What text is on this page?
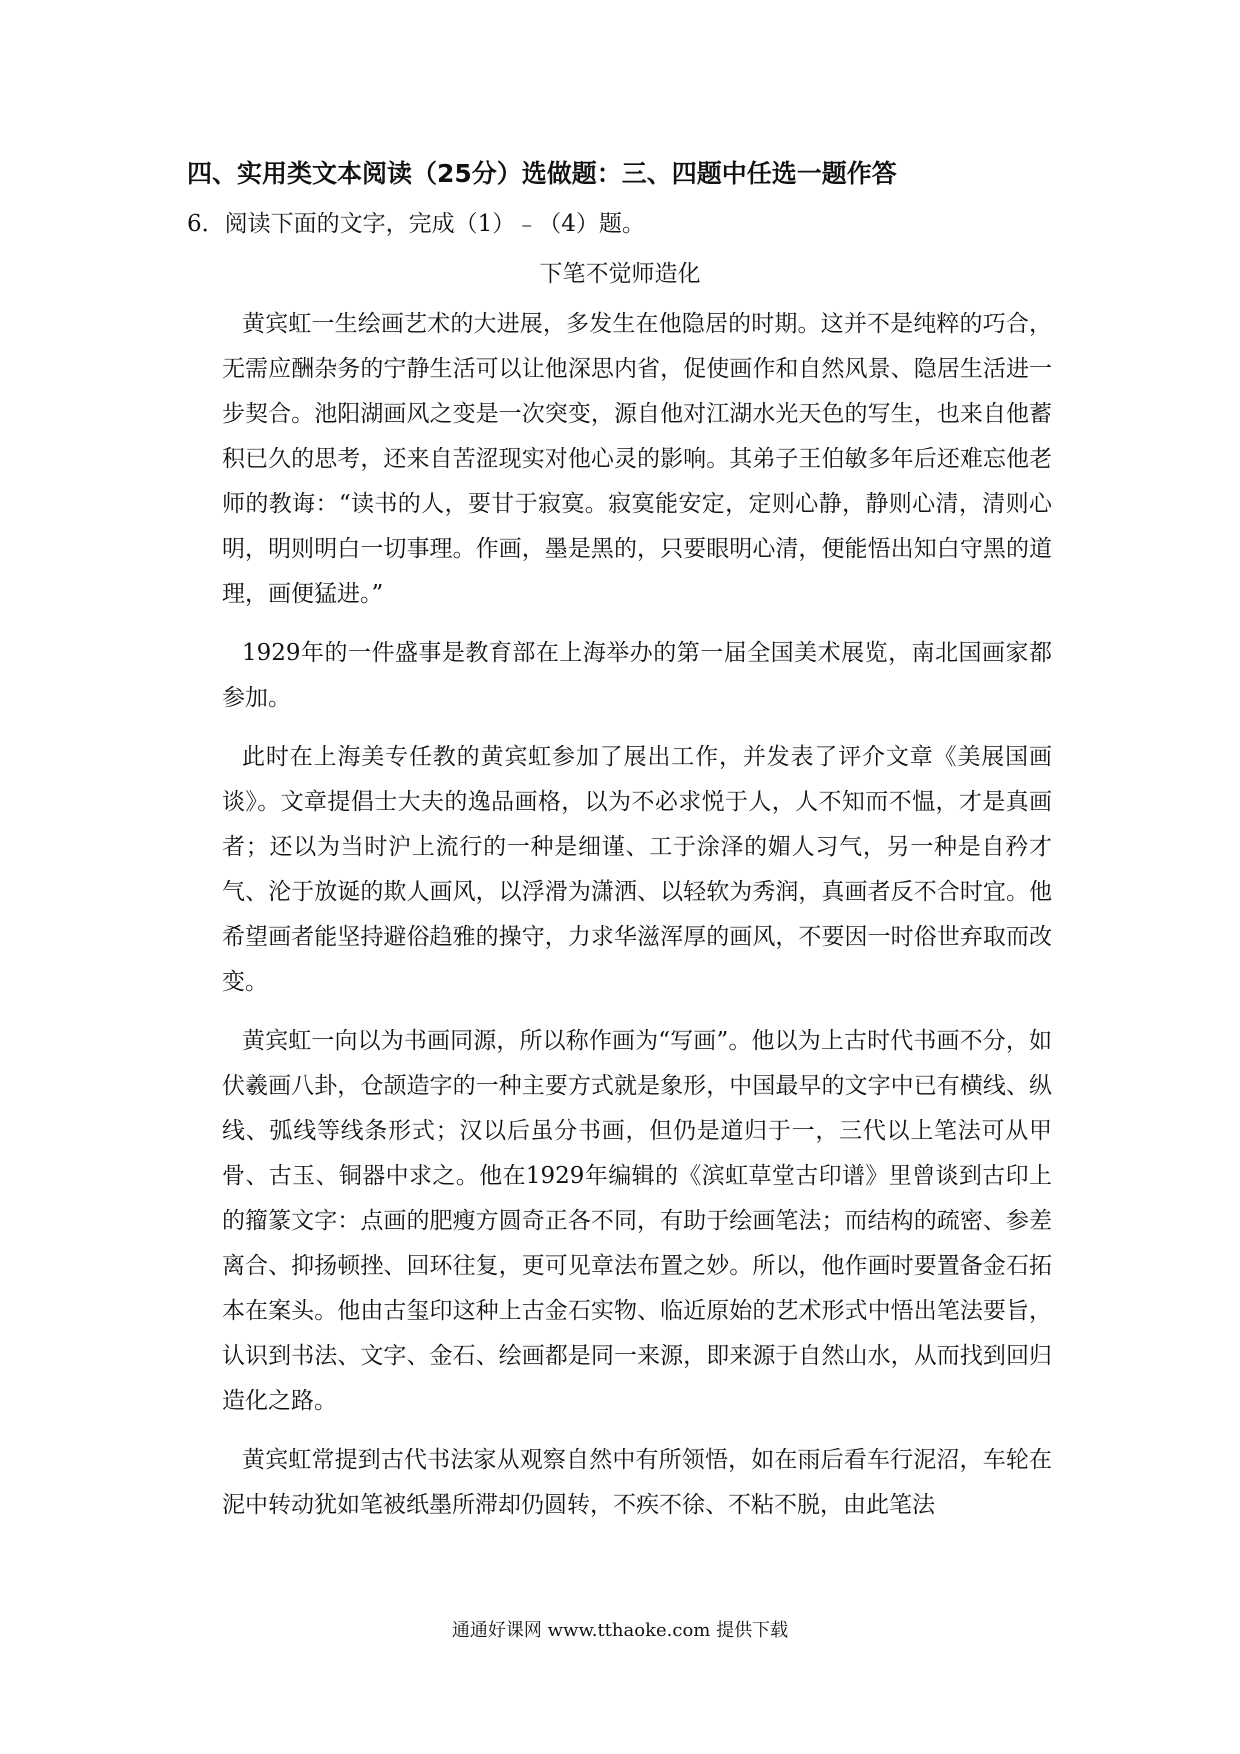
四、实用类文本阅读（25分）选做题：三、四题中任选一题作答
6．阅读下面的文字，完成（1）﹣（4）题。
下笔不觉师造化

黄宾虹一生绘画艺术的大进展，多发生在他隐居的时期。这并不是纯粹的巧合，无需应酬杂务的宁静生活可以让他深思内省，促使画作和自然风景、隐居生活进一步契合。池阳湖画风之变是一次突变，源自他对江湖水光天色的写生，也来自他蓄积已久的思考，还来自苦涩现实对他心灵的影响。其弟子王伯敏多年后还难忘他老师的教诲：“读书的人，要甘于寂寞。寂寞能安定，定则心静，静则心清，清则心明，明则明白一切事理。作画，墨是黑的，只要眼明心清，便能悟出知白守黑的道理，画便猛进。”

1929年的一件盛事是教育部在上海举办的第一届全国美术展览，南北国画家都参加。

此时在上海美专任教的黄宾虹参加了展出工作，并发表了评介文章《美展国画谈》。文章提倡士大夫的逸品画格，以为不必求悦于人，人不知而不愠，才是真画者；还以为当时沪上流行的一种是细谨、工于涂泽的媚人习气，另一种是自矜才气、沦于放诞的欺人画风，以浮滑为潇洒、以轻软为秀润，真画者反不合时宜。他希望画者能坚持避俗趋雅的操守，力求华滋浑厚的画风，不要因一时俗世弃取而改变。

黄宾虹一向以为书画同源，所以称作画为“写画”。他以为上古时代书画不分，如伏羲画八卦，仓颉造字的一种主要方式就是象形，中国最早的文字中已有横线、纵线、弧线等线条形式；汉以后虽分书画，但仍是道归于一，三代以上笔法可从甲骨、古玉、铜器中求之。他在1929年编辑的《滨虹草堂古印谱》里曾谈到古印上的籀篆文字：点画的肥瘦方圆奇正各不同，有助于绘画笔法；而结构的疏密、参差离合、抑扬顿挫、回环往复，更可见章法布置之妙。所以，他作画时要置备金石拓本在案头。他由古玺印这种上古金石实物、临近原始的艺术形式中悟出笔法要旨，认识到书法、文字、金石、绘画都是同一来源，即来源于自然山水，从而找到回归造化之路。

黄宾虹常提到古代书法家从观察自然中有所领悟，如在雨后看车行泥沼，车轮在泥中转动犹如笔被纸墨所滞却仍圆转，不疾不徐、不粘不脱，由此笔法

通通好课网 www.tthaoke.com 提供下载
